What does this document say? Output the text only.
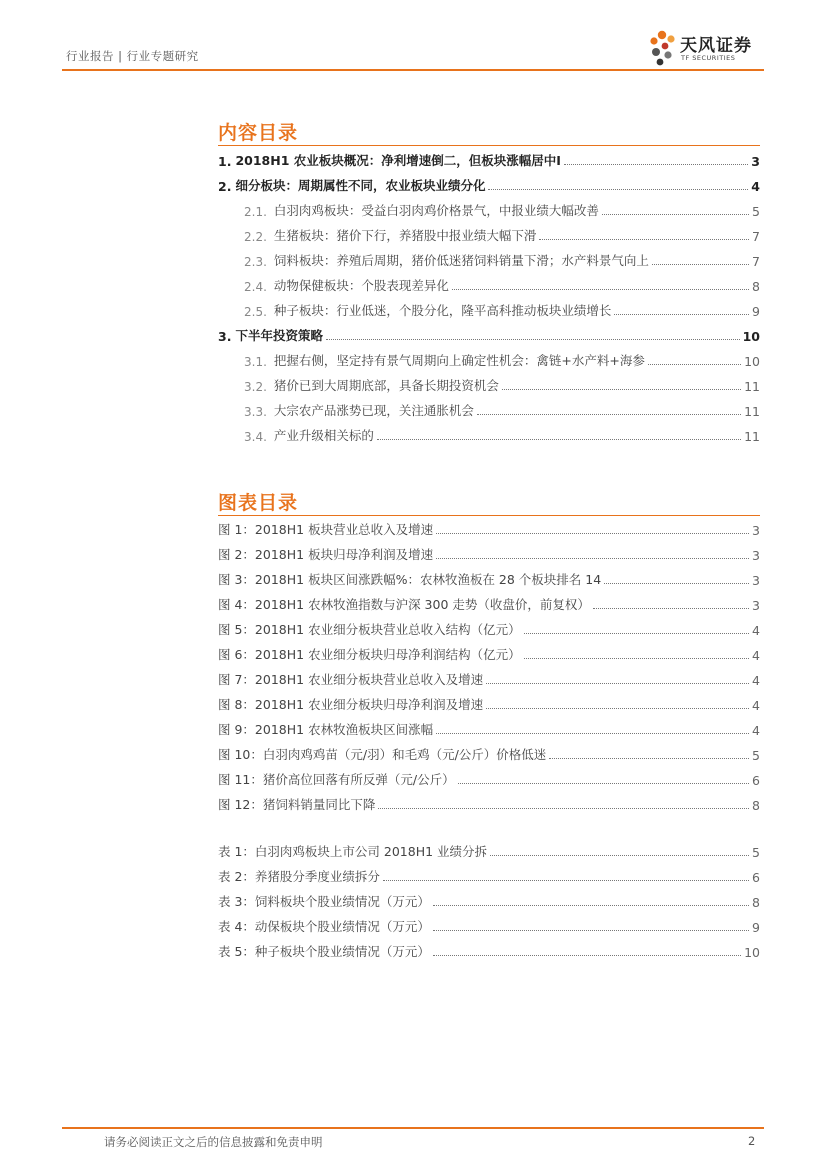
行业报告 | 行业专题研究	天风证券
TF SECURITIES
内容目录
1. 2018H1 农业板块概况：净利增速倒二，但板块涨幅居中I	3
2. 细分板块：周期属性不同，农业板块业绩分化	4
2.1. 白羽肉鸡板块：受益白羽肉鸡价格景气，中报业绩大幅改善	5
2.2. 生猪板块：猪价下行，养猪股中报业绩大幅下滑	7
2.3. 饲料板块：养殖后周期，猪价低迷猪饲料销量下滑；水产料景气向上	7
2.4. 动物保健板块：个股表现差异化	8
2.5. 种子板块：行业低迷，个股分化，隆平高科推动板块业绩增长	9
3. 下半年投资策略	10
3.1. 把握右侧，坚定持有景气周期向上确定性机会：禽链+水产料+海参	10
3.2. 猪价已到大周期底部，具备长期投资机会	11
3.3. 大宗农产品涨势已现，关注通胀机会	11
3.4. 产业升级相关标的	11
图表目录
图 1：2018H1 板块营业总收入及增速	3
图 2：2018H1 板块归母净利润及增速	3
图 3：2018H1 板块区间涨跌幅%：农林牧渔板在 28 个板块排名 14	3
图 4：2018H1 农林牧渔指数与沪深 300 走势（收盘价，前复权）	3
图 5：2018H1 农业细分板块营业总收入结构（亿元）	4
图 6：2018H1 农业细分板块归母净利润结构（亿元）	4
图 7：2018H1 农业细分板块营业总收入及增速	4
图 8：2018H1 农业细分板块归母净利润及增速	4
图 9：2018H1 农林牧渔板块区间涨幅	4
图 10：白羽肉鸡鸡苗（元/羽）和毛鸡（元/公斤）价格低迷	5
图 11：猪价高位回落有所反弹（元/公斤）	6
图 12：猪饲料销量同比下降	8
表 1：白羽肉鸡板块上市公司 2018H1 业绩分拆	5
表 2：养猪股分季度业绩拆分	6
表 3：饲料板块个股业绩情况（万元）	8
表 4：动保板块个股业绩情况（万元）	9
表 5：种子板块个股业绩情况（万元）	10
请务必阅读正文之后的信息披露和免责申明	2
